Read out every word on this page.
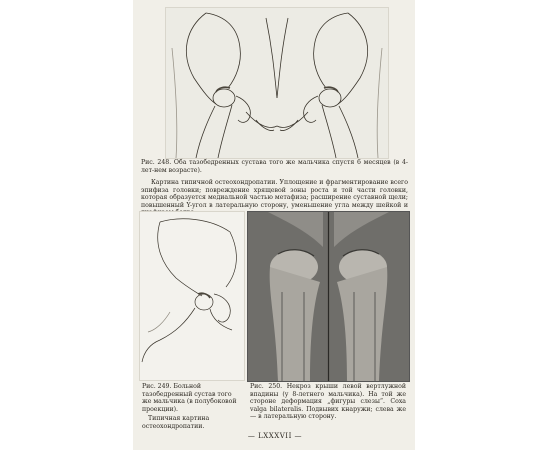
Рис. 248. Оба тазобедренных сустава того же мальчика спустя 6 месяцев (в 4-лет-нем возрасте).
Картина типичной остеохондропатии. Уплощение и фрагментирование всего эпифиза головки; повреждение хрящевой зоны роста и той части головки, которая образуется медиальной частью метафиза; расширение суставной щели; повышенный Y-угол в латеральную сторону, уменьшение угла между шейкой и
Рис. 249. Больной тазобедренный сустав того же мальчика (в полубоковой проекции).
Типичная картина остеохондропатии.
Рис. 250. Некроз крыши левой вертлужной впадины (у 8-летнего мальчика). На той же стороне деформация „фигуры слезы“. Coxa valga bilateralis. Подвывих кнаружи; слева же — в латеральную сторону.
— LXXXVII —
